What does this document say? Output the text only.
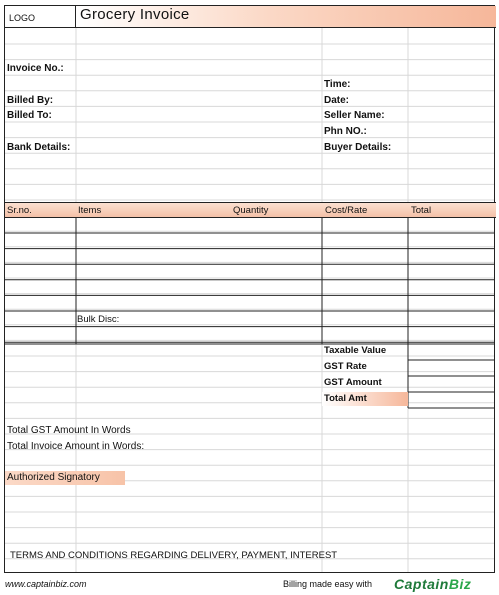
LOGO	Grocery Invoice
Invoice No.:
Billed By:
Billed To:
Bank Details:
Time:
Date:
Seller Name:
Phn NO.:
Buyer Details:
Sr.no.	Items	Quantity	Cost/Rate	Total
Bulk Disc:
Taxable Value
GST Rate
GST Amount
Total Amt
Total GST Amount In Words
Total Invoice Amount in Words:
Authorized Signatory
TERMS AND CONDITIONS REGARDING DELIVERY, PAYMENT, INTEREST
www.captainbiz.com	Billing made easy with CaptainBiz
